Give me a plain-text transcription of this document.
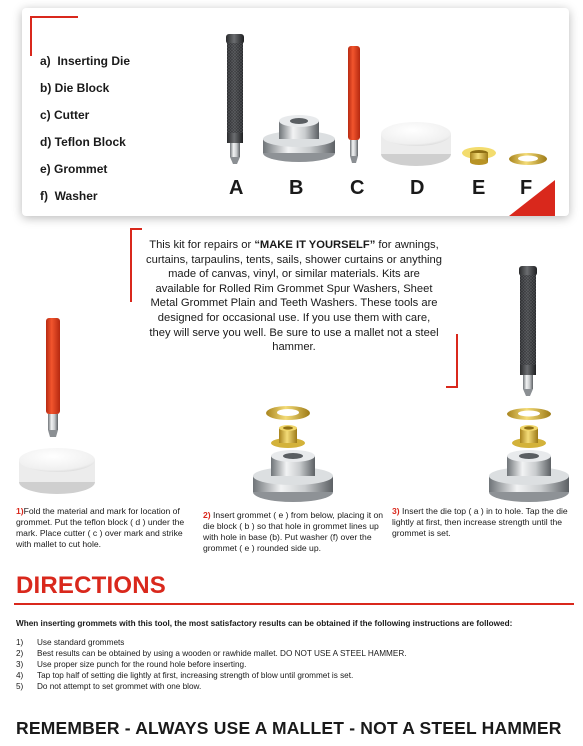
a) Inserting Die
b) Die Block
c) Cutter
d) Teflon Block
e) Grommet
f) Washer	A B C D E F

This kit for repairs or “MAKE IT YOURSELF” for awnings, curtains, tarpaulins, tents, sails, shower curtains or anything made of canvas, vinyl, or similar materials. Kits are available for Rolled Rim Grommet Spur Washers, Sheet Metal Grommet Plain and Teeth Washers. These tools are designed for occasional use. If you use them with care, they will serve you well. Be sure to use a mallet not a steel hammer.

1)Fold the material and mark for location of grommet. Put the teflon block ( d ) under the mark. Place cutter ( c ) over mark and strike with mallet to cut hole.

2) Insert grommet ( e ) from below, placing it on die block ( b ) so that hole in grommet lines up with hole in base (b). Put washer (f) over the grommet ( e ) rounded side up.

3) Insert the die top ( a ) in to hole. Tap the die lightly at first, then increase strength until the grommet is set.

DIRECTIONS

When inserting grommets with this tool, the most satisfactory results can be obtained if the following instructions are followed:

1) Use standard grommets
2) Best results can be obtained by using a wooden or rawhide mallet. DO NOT USE A STEEL HAMMER.
3) Use proper size punch for the round hole before inserting.
4) Tap top half of setting die lightly at first, increasing strength of blow until grommet is set.
5) Do not attempt to set grommet with one blow.
REMEMBER - ALWAYS USE A MALLET - NOT A STEEL HAMMER
